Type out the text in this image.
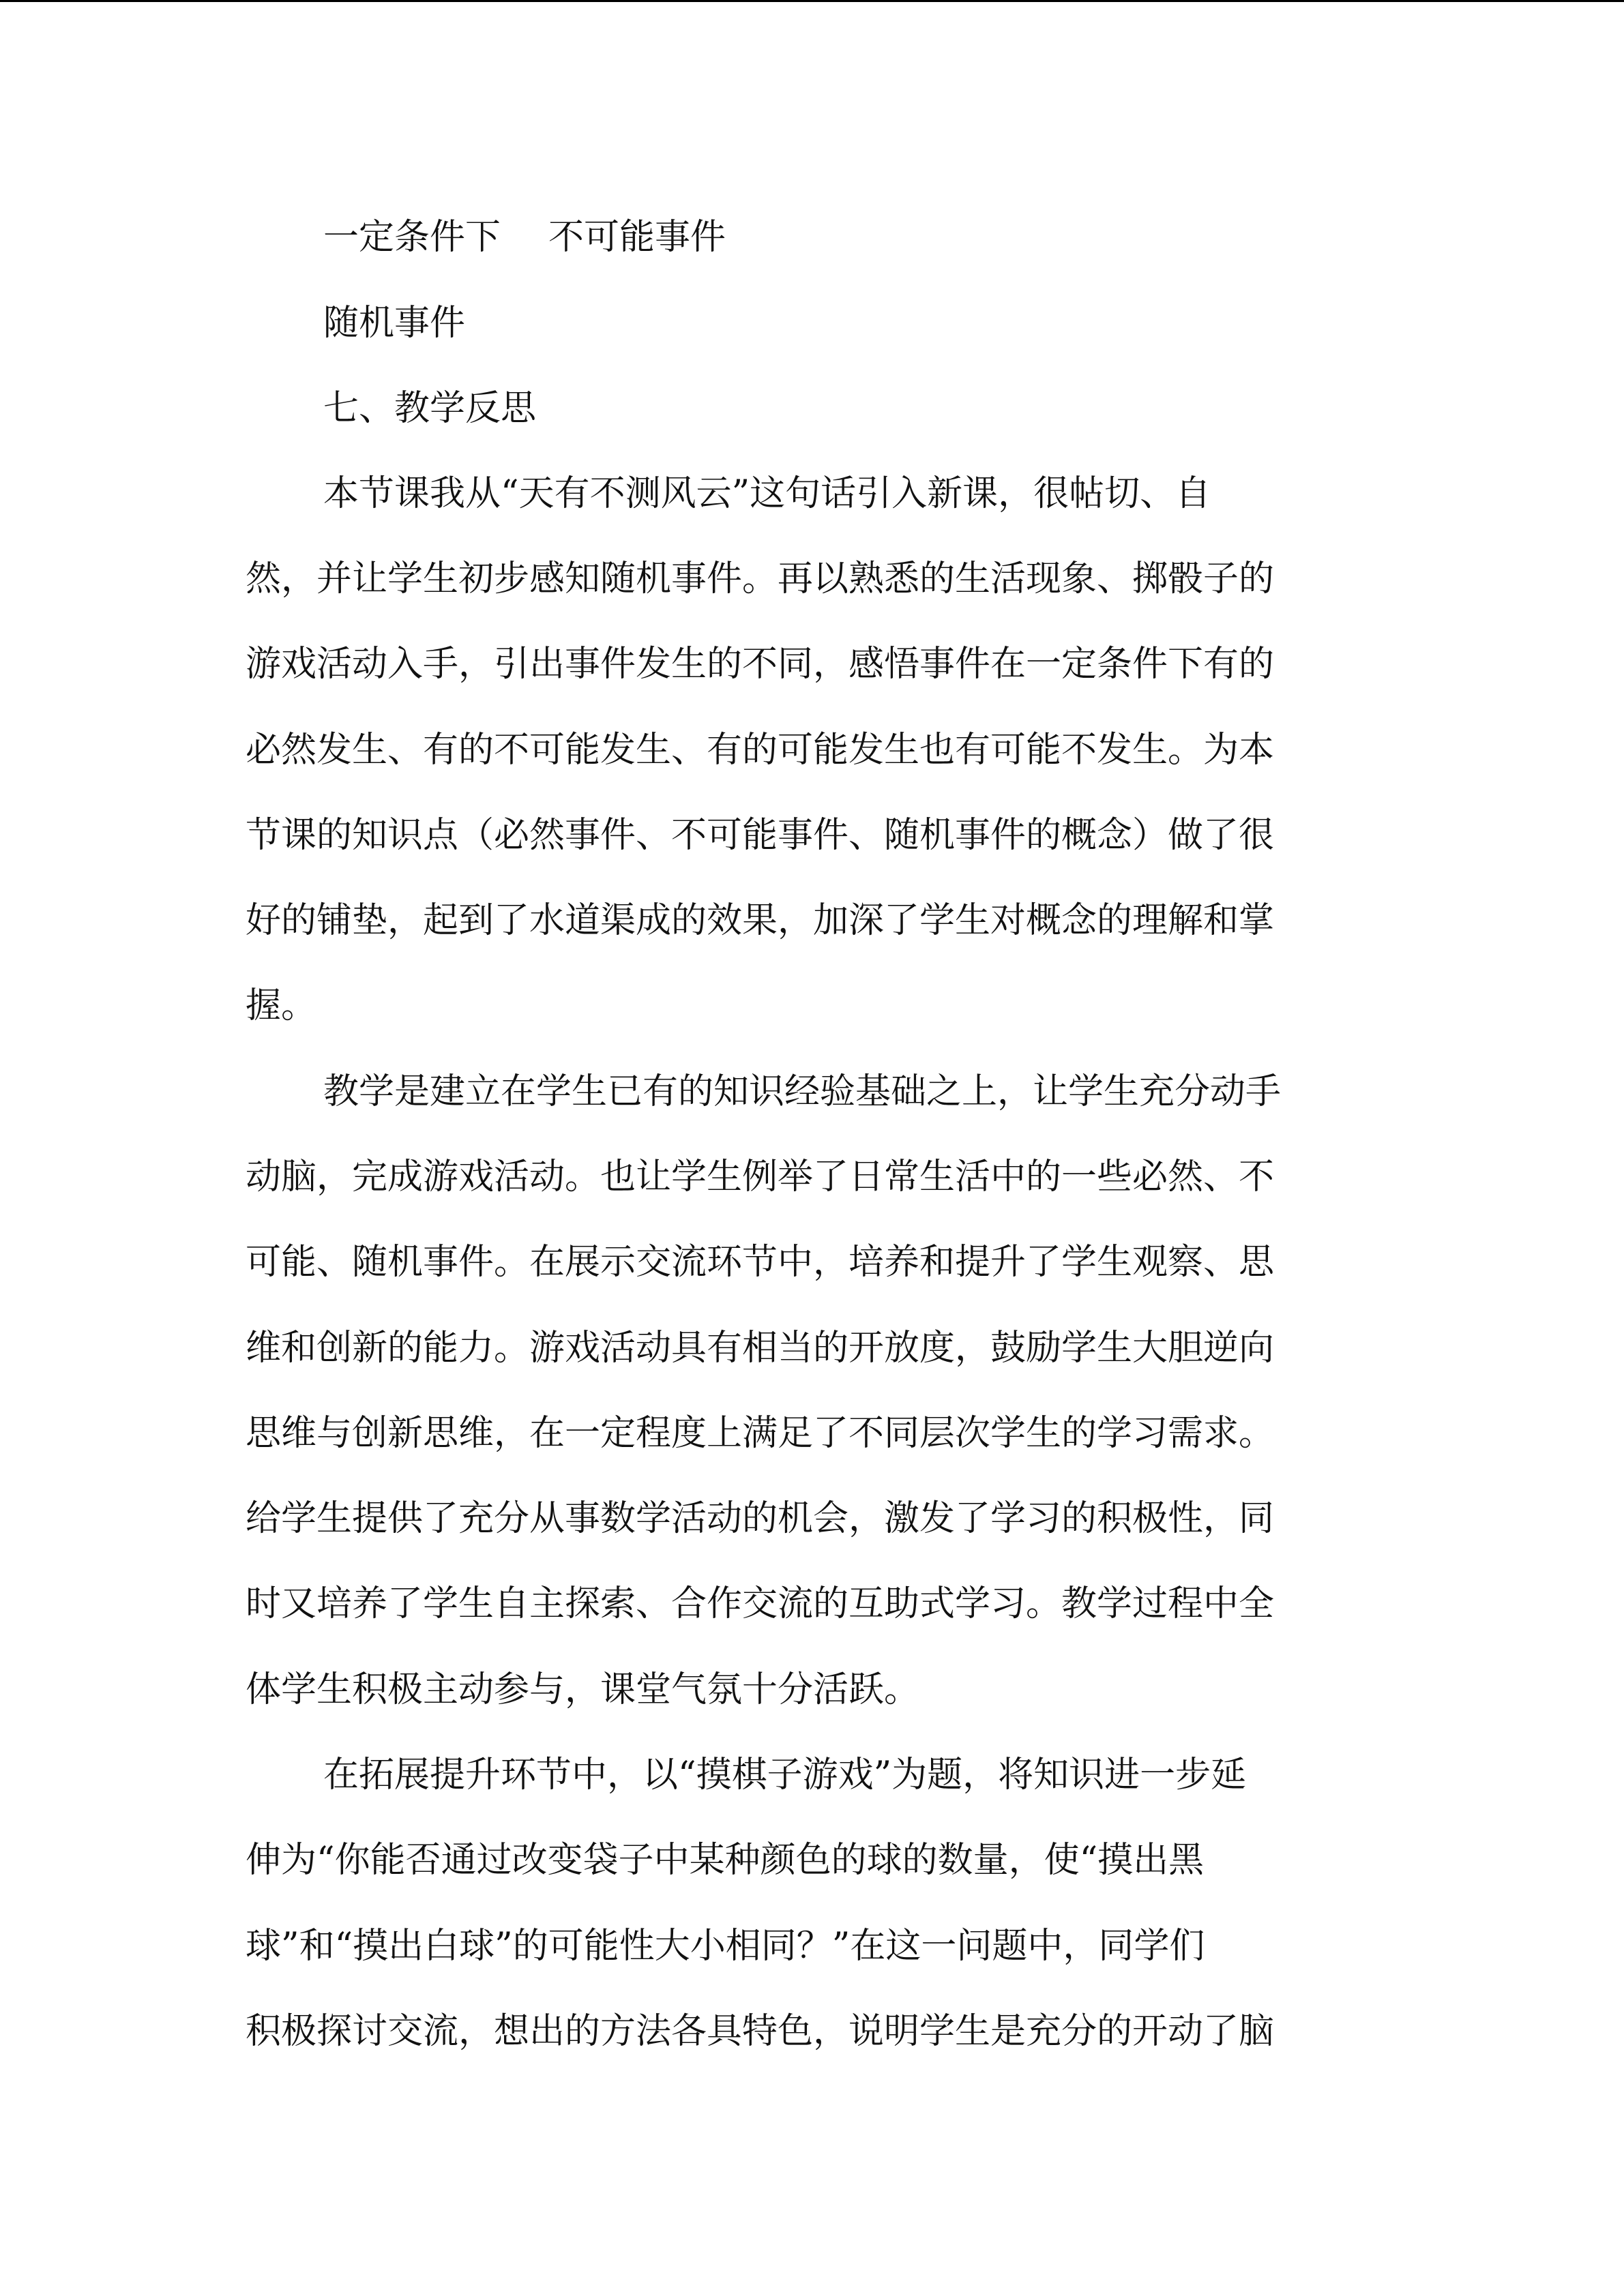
一定条件下 不可能事件
随机事件
七、教学反思
本节课我从“天有不测风云”这句话引入新课，很帖切、自
然，并让学生初步感知随机事件。再以熟悉的生活现象、掷骰子的
游戏活动入手，引出事件发生的不同，感悟事件在一定条件下有的
必然发生、有的不可能发生、有的可能发生也有可能不发生。为本
节课的知识点（必然事件、不可能事件、随机事件的概念）做了很
好的铺垫，起到了水道渠成的效果，加深了学生对概念的理解和掌
握。
教学是建立在学生已有的知识经验基础之上，让学生充分动手
动脑，完成游戏活动。也让学生例举了日常生活中的一些必然、不
可能、随机事件。在展示交流环节中，培养和提升了学生观察、思
维和创新的能力。游戏活动具有相当的开放度，鼓励学生大胆逆向
思维与创新思维，在一定程度上满足了不同层次学生的学习需求。
给学生提供了充分从事数学活动的机会，激发了学习的积极性，同
时又培养了学生自主探索、合作交流的互助式学习。教学过程中全
体学生积极主动参与，课堂气氛十分活跃。
在拓展提升环节中，以“摸棋子游戏”为题，将知识进一步延
伸为“你能否通过改变袋子中某种颜色的球的数量，使“摸出黑
球”和“摸出白球”的可能性大小相同？”在这一问题中，同学们
积极探讨交流，想出的方法各具特色，说明学生是充分的开动了脑
